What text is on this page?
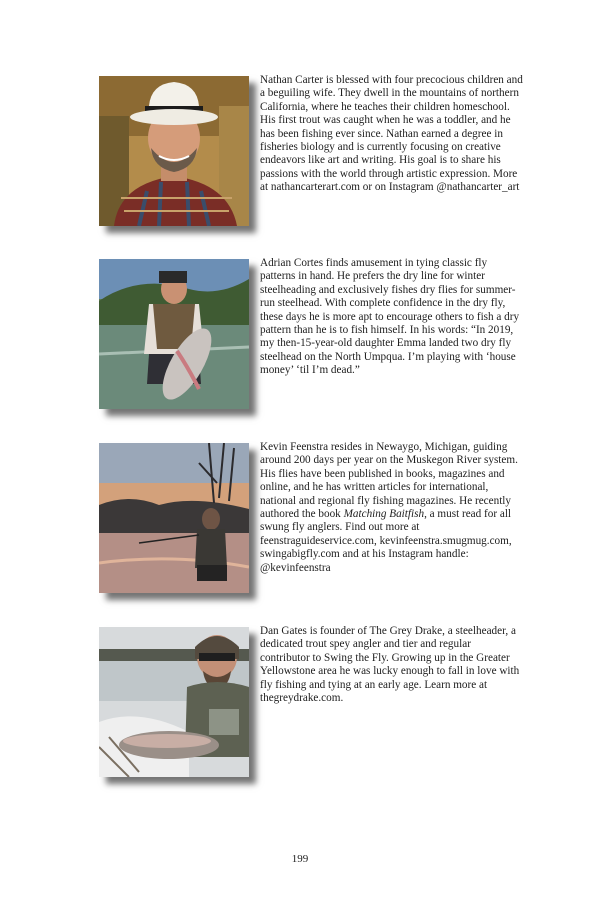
Nathan Carter is blessed with four precocious children and a beguiling wife. They dwell in the mountains of northern California, where he teaches their children homeschool. His first trout was caught when he was a toddler, and he has been fishing ever since. Nathan earned a degree in fisheries biology and is currently focusing on creative endeavors like art and writing. His goal is to share his passions with the world through artistic expression. More at nathancarterart.com or on Instagram @nathancarter_art

Adrian Cortes finds amusement in tying classic fly patterns in hand. He prefers the dry line for winter steelheading and exclusively fishes dry flies for summer-run steelhead. With complete confidence in the dry fly, these days he is more apt to encourage others to fish a dry pattern than he is to fish himself. In his words: “In 2019, my then-15-year-old daughter Emma landed two dry fly steelhead on the North Umpqua. I’m playing with ‘house money’ ‘til I’m dead.”

Kevin Feenstra resides in Newaygo, Michigan, guiding around 200 days per year on the Muskegon River system. His flies have been published in books, magazines and online, and he has written articles for international, national and regional fly fishing magazines. He recently authored the book Matching Baitfish, a must read for all swung fly anglers. Find out more at feenstraguideservice.com, kevinfeenstra.smugmug.com, swingabigfly.com and at his Instagram handle: @kevinfeenstra

Dan Gates is founder of The Grey Drake, a steelheader, a dedicated trout spey angler and tier and regular contributor to Swing the Fly. Growing up in the Greater Yellowstone area he was lucky enough to fall in love with fly fishing and tying at an early age. Learn more at thegreydrake.com.

199
